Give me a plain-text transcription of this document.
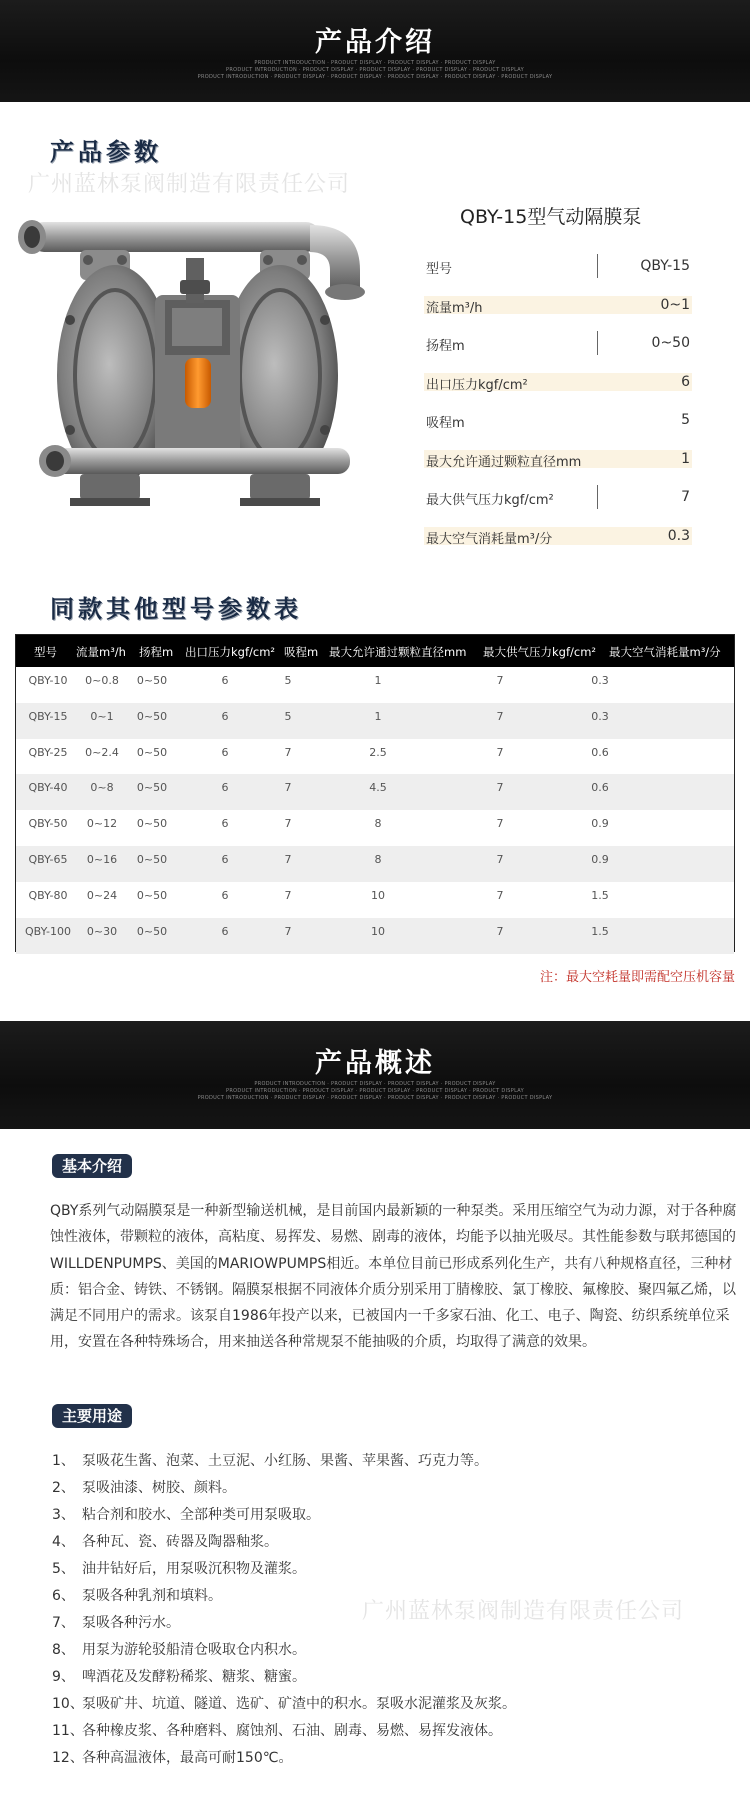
产品介绍
PRODUCT INTRODUCTION · PRODUCT DISPLAY · PRODUCT DISPLAY · PRODUCT DISPLAY
PRODUCT INTRODUCTION · PRODUCT DISPLAY · PRODUCT DISPLAY · PRODUCT DISPLAY · PRODUCT DISPLAY
PRODUCT INTRODUCTION · PRODUCT DISPLAY · PRODUCT DISPLAY · PRODUCT DISPLAY · PRODUCT DISPLAY · PRODUCT DISPLAY
产品参数
广州蓝林泵阀制造有限责任公司
QBY-15型气动隔膜泵
型号	QBY-15
流量m³/h	0~1
扬程m	0~50
出口压力kgf/cm²	6
吸程m	5
最大允许通过颗粒直径mm	1
最大供气压力kgf/cm²	7
最大空气消耗量m³/分	0.3
同款其他型号参数表
型号 流量m³/h 扬程m 出口压力kgf/cm² 吸程m 最大允许通过颗粒直径mm 最大供气压力kgf/cm² 最大空气消耗量m³/分
QBY-10	0~0.8	0~50	6	5	1	7	0.3
QBY-15	0~1	0~50	6	5	1	7	0.3
QBY-25	0~2.4	0~50	6	7	2.5	7	0.6
QBY-40	0~8	0~50	6	7	4.5	7	0.6
QBY-50	0~12	0~50	6	7	8	7	0.9
QBY-65	0~16	0~50	6	7	8	7	0.9
QBY-80	0~24	0~50	6	7	10	7	1.5
QBY-100	0~30	0~50	6	7	10	7	1.5
注：最大空耗量即需配空压机容量
产品概述
PRODUCT INTRODUCTION · PRODUCT DISPLAY · PRODUCT DISPLAY · PRODUCT DISPLAY
PRODUCT INTRODUCTION · PRODUCT DISPLAY · PRODUCT DISPLAY · PRODUCT DISPLAY · PRODUCT DISPLAY
PRODUCT INTRODUCTION · PRODUCT DISPLAY · PRODUCT DISPLAY · PRODUCT DISPLAY · PRODUCT DISPLAY · PRODUCT DISPLAY
基本介绍
QBY系列气动隔膜泵是一种新型输送机械，是目前国内最新颖的一种泵类。采用压缩空气为动力源，对于各种腐蚀性液体，带颗粒的液体，高粘度、易挥发、易燃、剧毒的液体，均能予以抽光吸尽。其性能参数与联邦德国的WILLDENPUMPS、美国的MARIOWPUMPS相近。本单位目前已形成系列化生产，共有八种规格直径，三种材质：铝合金、铸铁、不锈钢。隔膜泵根据不同液体介质分别采用丁腈橡胶、氯丁橡胶、氟橡胶、聚四氟乙烯，以满足不同用户的需求。该泵自1986年投产以来，已被国内一千多家石油、化工、电子、陶瓷、纺织系统单位采用，安置在各种特殊场合，用来抽送各种常规泵不能抽吸的介质，均取得了满意的效果。
主要用途
1、 泵吸花生酱、泡菜、土豆泥、小红肠、果酱、苹果酱、巧克力等。
2、 泵吸油漆、树胶、颜料。
3、 粘合剂和胶水、全部种类可用泵吸取。
4、 各种瓦、瓷、砖器及陶器釉浆。
5、 油井钻好后，用泵吸沉积物及灌浆。
6、 泵吸各种乳剂和填料。
7、 泵吸各种污水。
8、 用泵为游轮驳船清仓吸取仓内积水。
9、 啤酒花及发酵粉稀浆、糖浆、糖蜜。
10、泵吸矿井、坑道、隧道、选矿、矿渣中的积水。泵吸水泥灌浆及灰浆。
11、各种橡皮浆、各种磨料、腐蚀剂、石油、剧毒、易燃、易挥发液体。
12、各种高温液体，最高可耐150℃。
广州蓝林泵阀制造有限责任公司
